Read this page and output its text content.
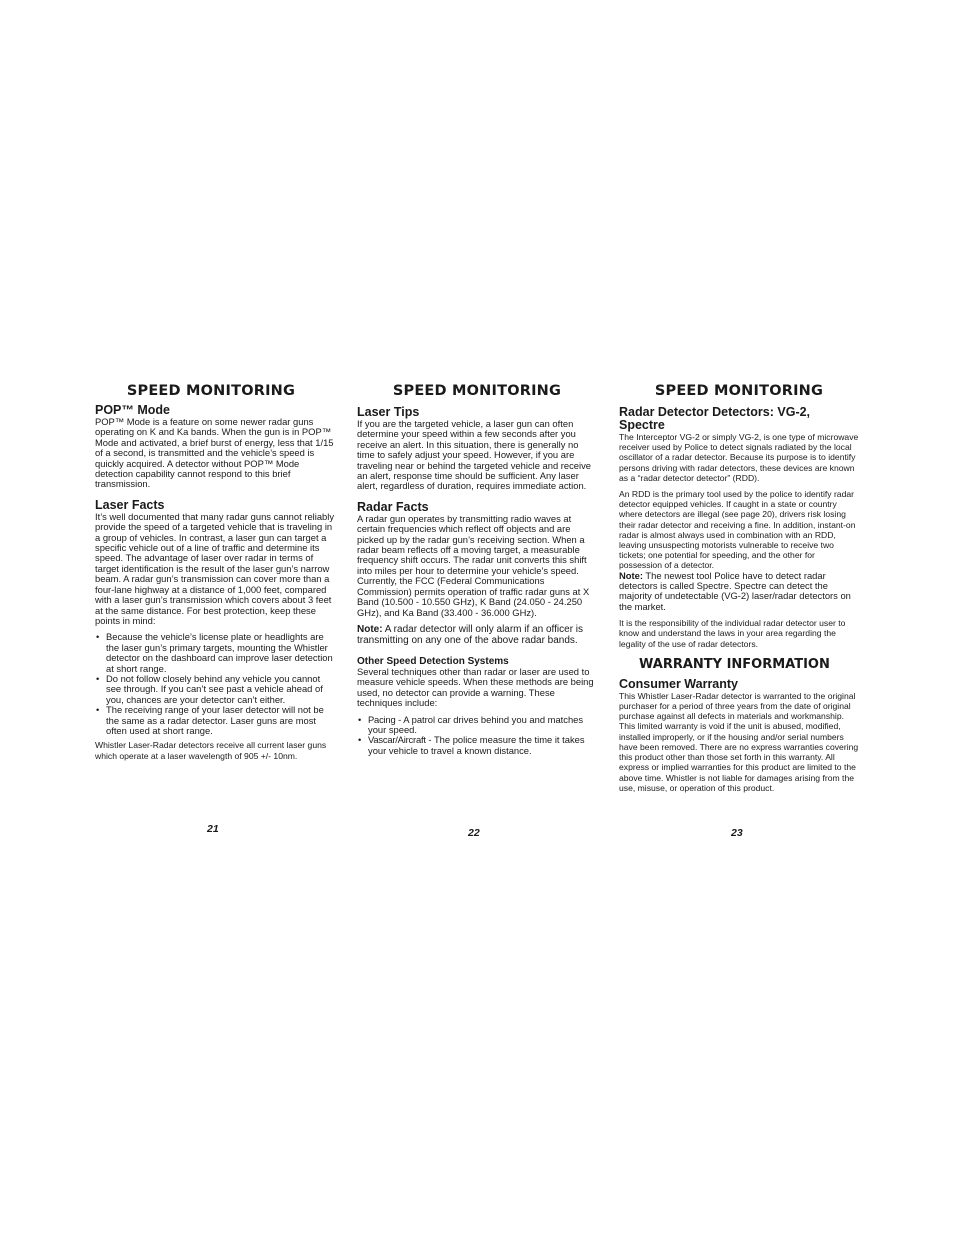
SPEED MONITORING
POP™ Mode
POP™ Mode is a feature on some newer radar guns operating on K and Ka bands. When the gun is in POP™ Mode and activated, a brief burst of energy, less that 1/15 of a second, is transmitted and the vehicle’s speed is quickly acquired. A detector without POP™ Mode detection capability cannot respond to this brief transmission.
Laser Facts
It’s well documented that many radar guns cannot reliably provide the speed of a targeted vehicle that is traveling in a group of vehicles. In contrast, a laser gun can target a specific vehicle out of a line of traffic and determine its speed. The advantage of laser over radar in terms of target identification is the result of the laser gun’s narrow beam. A radar gun’s transmission can cover more than a four-lane highway at a distance of 1,000 feet, compared with a laser gun’s transmission which covers about 3 feet at the same distance. For best protection, keep these points in mind:
• Because the vehicle’s license plate or headlights are the laser gun’s primary targets, mounting the Whistler detector on the dashboard can improve laser detection at short range.
• Do not follow closely behind any vehicle you cannot see through. If you can’t see past a vehicle ahead of you, chances are your detector can’t either.
• The receiving range of your laser detector will not be the same as a radar detector. Laser guns are most often used at short range.
Whistler Laser-Radar detectors receive all current laser guns which operate at a laser wavelength of 905 +/- 10nm.
21
SPEED MONITORING
Laser Tips
If you are the targeted vehicle, a laser gun can often determine your speed within a few seconds after you receive an alert. In this situation, there is generally no time to safely adjust your speed. However, if you are traveling near or behind the targeted vehicle and receive an alert, response time should be sufficient. Any laser alert, regardless of duration, requires immediate action.
Radar Facts
A radar gun operates by transmitting radio waves at certain frequencies which reflect off objects and are picked up by the radar gun’s receiving section. When a radar beam reflects off a moving target, a measurable frequency shift occurs. The radar unit converts this shift into miles per hour to determine your vehicle’s speed. Currently, the FCC (Federal Communications Commission) permits operation of traffic radar guns at X Band (10.500 - 10.550 GHz), K Band (24.050 - 24.250 GHz), and Ka Band (33.400 - 36.000 GHz).
Note: A radar detector will only alarm if an officer is transmitting on any one of the above radar bands.
Other Speed Detection Systems
Several techniques other than radar or laser are used to measure vehicle speeds. When these methods are being used, no detector can provide a warning. These techniques include:
• Pacing - A patrol car drives behind you and matches your speed.
• Vascar/Aircraft - The police measure the time it takes your vehicle to travel a known distance.
22
SPEED MONITORING
Radar Detector Detectors: VG-2, Spectre
The Interceptor VG-2 or simply VG-2, is one type of microwave receiver used by Police to detect signals radiated by the local oscillator of a radar detector. Because its purpose is to identify persons driving with radar detectors, these devices are known as a “radar detector detector” (RDD).
An RDD is the primary tool used by the police to identify radar detector equipped vehicles. If caught in a state or country where detectors are illegal (see page 20), drivers risk losing their radar detector and receiving a fine. In addition, instant-on radar is almost always used in combination with an RDD, leaving unsuspecting motorists vulnerable to receive two tickets; one potential for speeding, and the other for possession of a detector.
Note: The newest tool Police have to detect radar detectors is called Spectre. Spectre can detect the majority of undetectable (VG-2) laser/radar detectors on the market.
It is the responsibility of the individual radar detector user to know and understand the laws in your area regarding the legality of the use of radar detectors.
WARRANTY INFORMATION
Consumer Warranty
This Whistler Laser-Radar detector is warranted to the original purchaser for a period of three years from the date of original purchase against all defects in materials and workmanship. This limited warranty is void if the unit is abused, modified, installed improperly, or if the housing and/or serial numbers have been removed. There are no express warranties covering this product other than those set forth in this warranty. All express or implied warranties for this product are limited to the above time. Whistler is not liable for damages arising from the use, misuse, or operation of this product.
23
